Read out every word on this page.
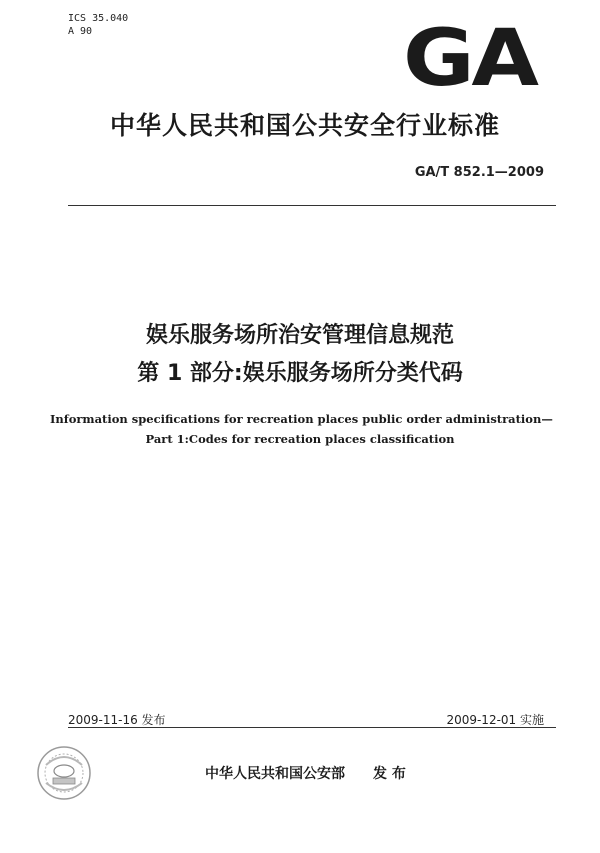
ICS 35.040
A 90	GA
中华人民共和国公共安全行业标准
GA/T 852.1—2009
娱乐服务场所治安管理信息规范
第 1 部分:娱乐服务场所分类代码
Information specifications for recreation places public order administration—
Part 1:Codes for recreation places classification
2009-11-16 发布	2009-12-01 实施
中华人民共和国公安部 发 布
